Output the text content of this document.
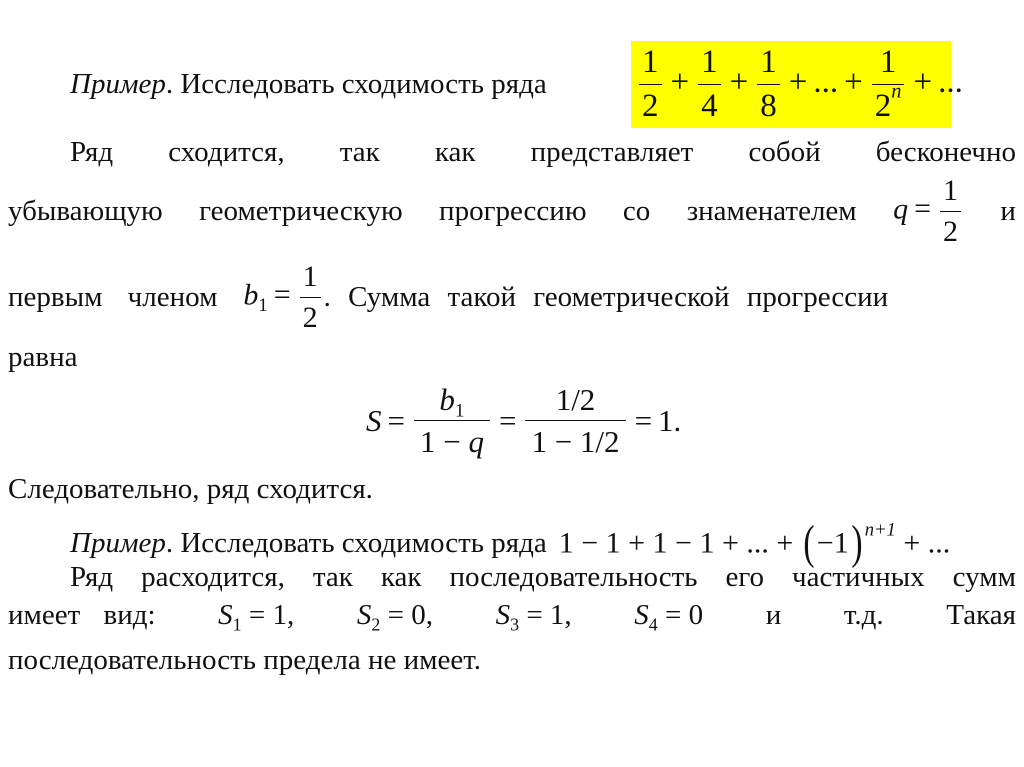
Пример. Исследовать сходимость ряда	$\frac{1}{2} + \frac{1}{4} + \frac{1}{8}$ + ... + $\frac{1}{2^n}$ + ...
Ряд сходится, так как представляет собой бесконечно
убывающую геометрическую прогрессию со знаменателем $q = \frac{1}{2}$ и
первым членом $b_1 = \frac{1}{2}$ . Сумма такой геометрической прогрессии
равна
$S = \frac{b_1}{1 - q} = \frac{1/2}{1 - 1/2} = 1$.
Следовательно, ряд сходится.
Пример . Исследовать сходимость ряда 1 − 1 + 1 − 1 + ... + (−1) $^{n+1}$ + ...
Ряд расходится, так как последовательность его частичных сумм
имеет вид: $S_1 = 1$, $S_2 = 0$, $S_3 = 1$, $S_4 = 0$ и т.д. Такая
последовательность предела не имеет.
